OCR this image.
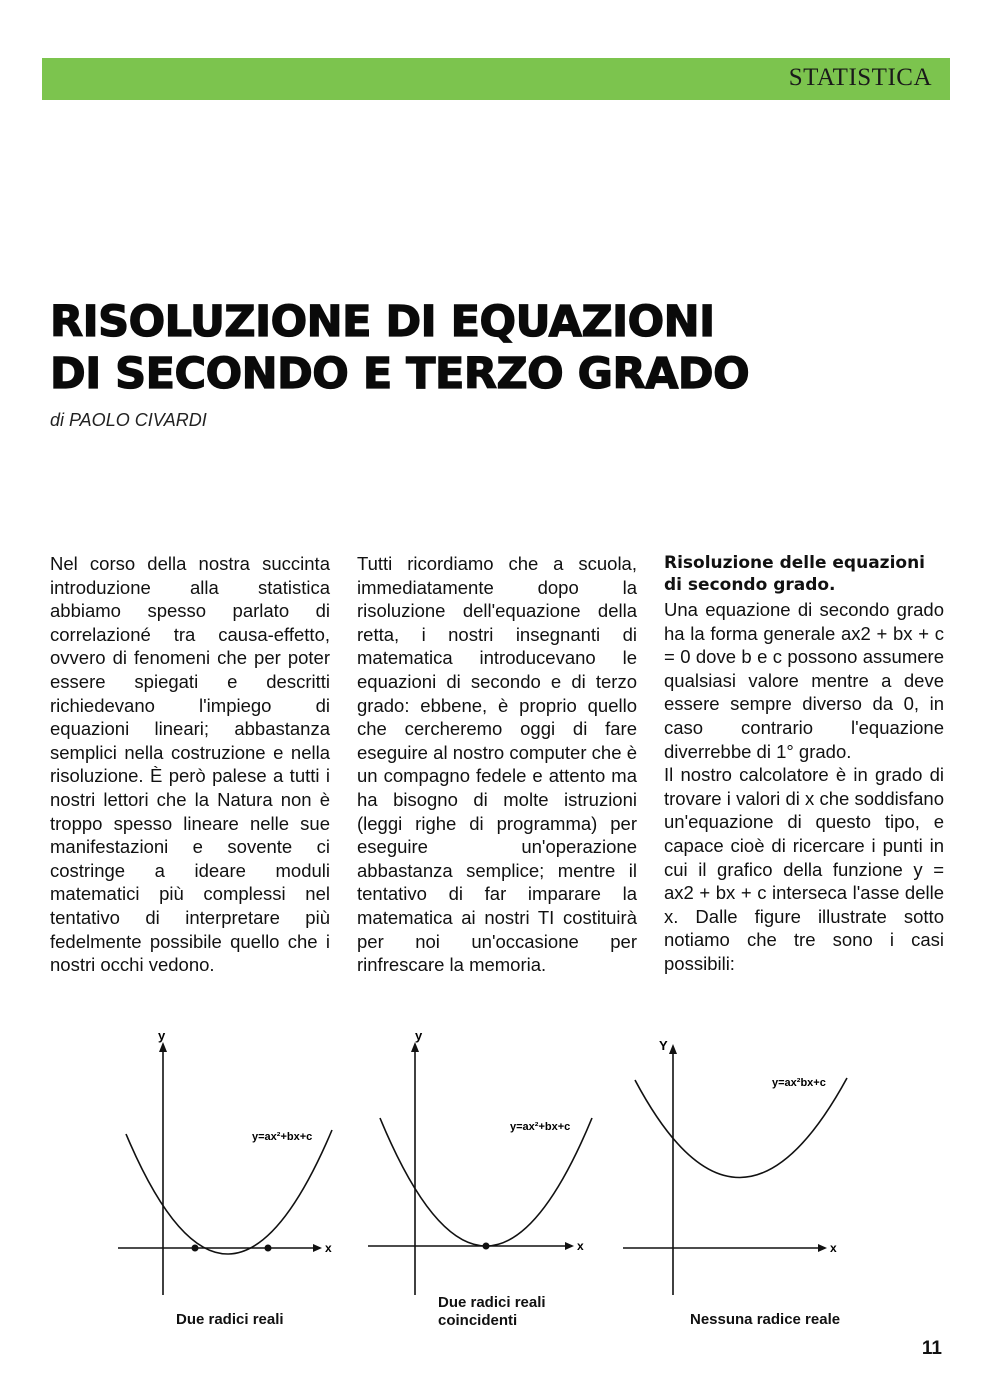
STATISTICA
RISOLUZIONE DI EQUAZIONI
DI SECONDO E TERZO GRADO
di PAOLO CIVARDI

Nel corso della nostra succinta introduzione alla statistica abbiamo spesso parlato di correlazioné tra causa-effetto, ovvero di fenomeni che per poter essere spiegati e descritti richiedevano l'impiego di equazioni lineari; abbastanza semplici nella costruzione e nella risoluzione. È però palese a tutti i nostri lettori che la Natura non è troppo spesso lineare nelle sue manifestazioni e sovente ci costringe a ideare moduli matematici più complessi nel tentativo di interpretare più fedelmente possibile quello che i nostri occhi vedono.

Tutti ricordiamo che a scuola, immediatamente dopo la risoluzione dell'equazione della retta, i nostri insegnanti di matematica introducevano le equazioni di secondo e di terzo grado: ebbene, è proprio quello che cercheremo oggi di fare eseguire al nostro computer che è un compagno fedele e attento ma ha bisogno di molte istruzioni (leggi righe di programma) per eseguire un'operazione abbastanza semplice; mentre il tentativo di far imparare la matematica ai nostri TI costituirà per noi un'occasione per rinfrescare la memoria.

Risoluzione delle equazioni di secondo grado.

Una equazione di secondo grado ha la forma generale ax2 + bx + c = 0 dove b e c possono assumere qualsiasi valore mentre a deve essere sempre diverso da 0, in caso contrario l'equazione diverrebbe di 1° grado.

Il nostro calcolatore è in grado di trovare i valori di x che soddisfano un'equazione di questo tipo, e capace cioè di ricercare i punti in cui il grafico della funzione y = ax2 + bx + c interseca l'asse delle x. Dalle figure illustrate sotto notiamo che tre sono i casi possibili:

y
x
y=ax²+bx+c
y
x
y=ax²+bx+c
Y
x
y=ax²bx+c
Due radici reali
Due radici reali
coincidenti	Nessuna radice reale
11
